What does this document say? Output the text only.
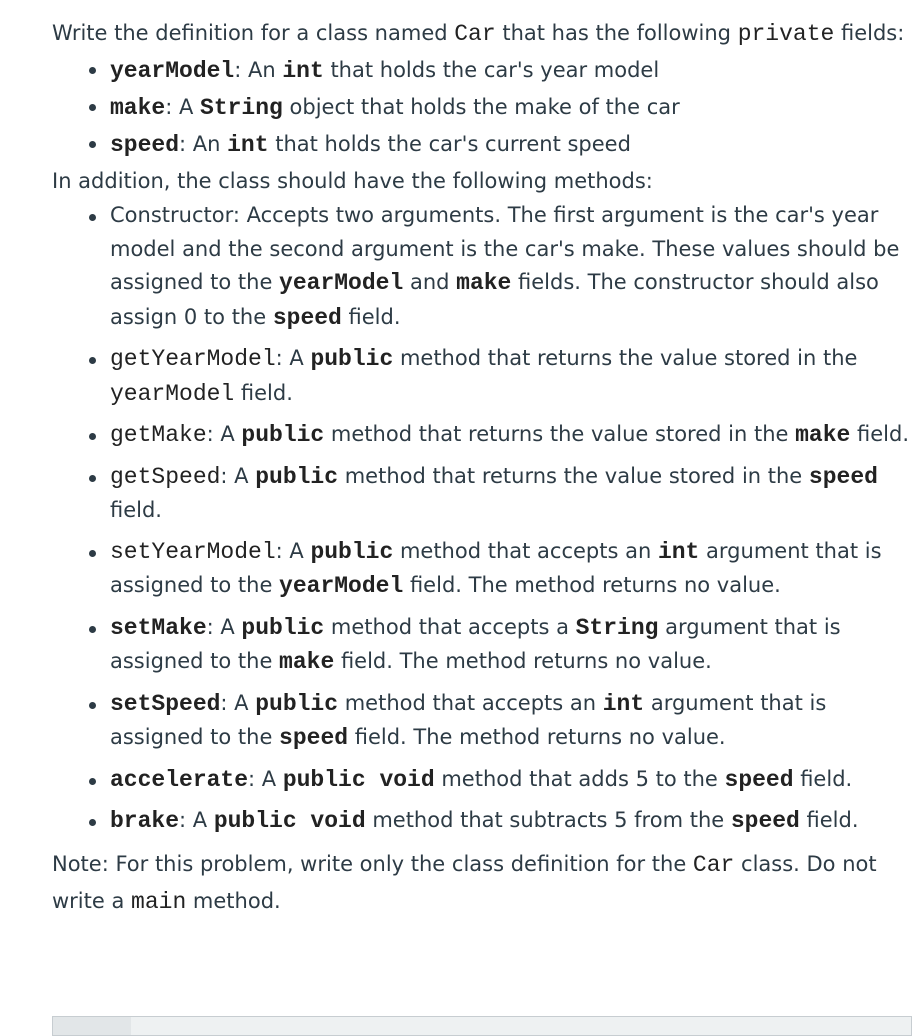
Write the definition for a class named Car that has the following private fields:

yearModel: An int that holds the car's year model
make: A String object that holds the make of the car
speed: An int that holds the car's current speed

In addition, the class should have the following methods:

Constructor: Accepts two arguments. The first argument is the car's year model and the second argument is the car's make. These values should be assigned to the yearModel and make fields. The constructor should also assign 0 to the speed field.
getYearModel: A public method that returns the value stored in the yearModel field.
getMake: A public method that returns the value stored in the make field.
getSpeed: A public method that returns the value stored in the speed field.
setYearModel: A public method that accepts an int argument that is assigned to the yearModel field. The method returns no value.
setMake: A public method that accepts a String argument that is assigned to the make field. The method returns no value.
setSpeed: A public method that accepts an int argument that is assigned to the speed field. The method returns no value.
accelerate: A public void method that adds 5 to the speed field.
brake: A public void method that subtracts 5 from the speed field.

Note: For this problem, write only the class definition for the Car class. Do not write a main method.
